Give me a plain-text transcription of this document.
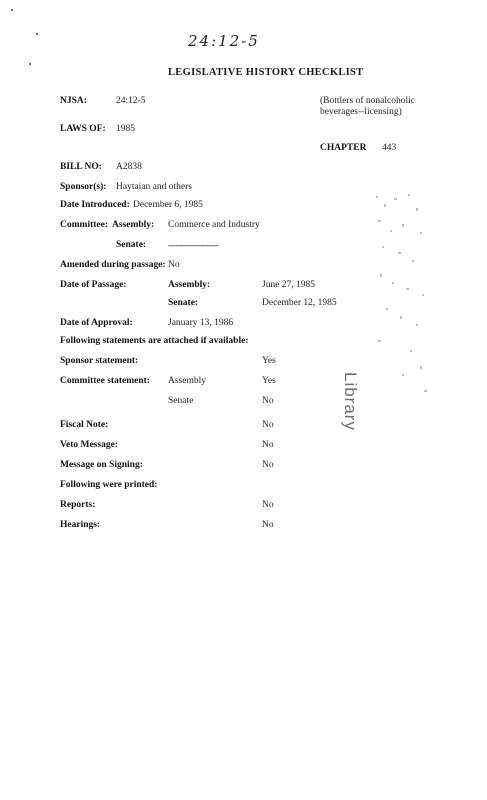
24:12-5
LEGISLATIVE HISTORY CHECKLIST
NJSA:	24:12-5	(Bottlers of nonalcoholic
beverages--licensing)
LAWS OF: 1985
CHAPTER 443
BILL NO: A2838
Sponsor(s): Haytaian and others
Date Introduced: December 6, 1985
Committee: Assembly: Commerce and Industry
Senate: --------------------
Amended during passage: No
Date of Passage:	Assembly:	June 27, 1985
Senate:	December 12, 1985
Date of Approval:	January 13, 1986
Following statements are attached if available:
Sponsor statement:	Yes
Committee statement: Assembly	Yes
Senate	No
Fiscal Note:	No
Veto Message:	No
Message on Signing:	No
Following were printed:
Reports:	No
Hearings:	No
Library
